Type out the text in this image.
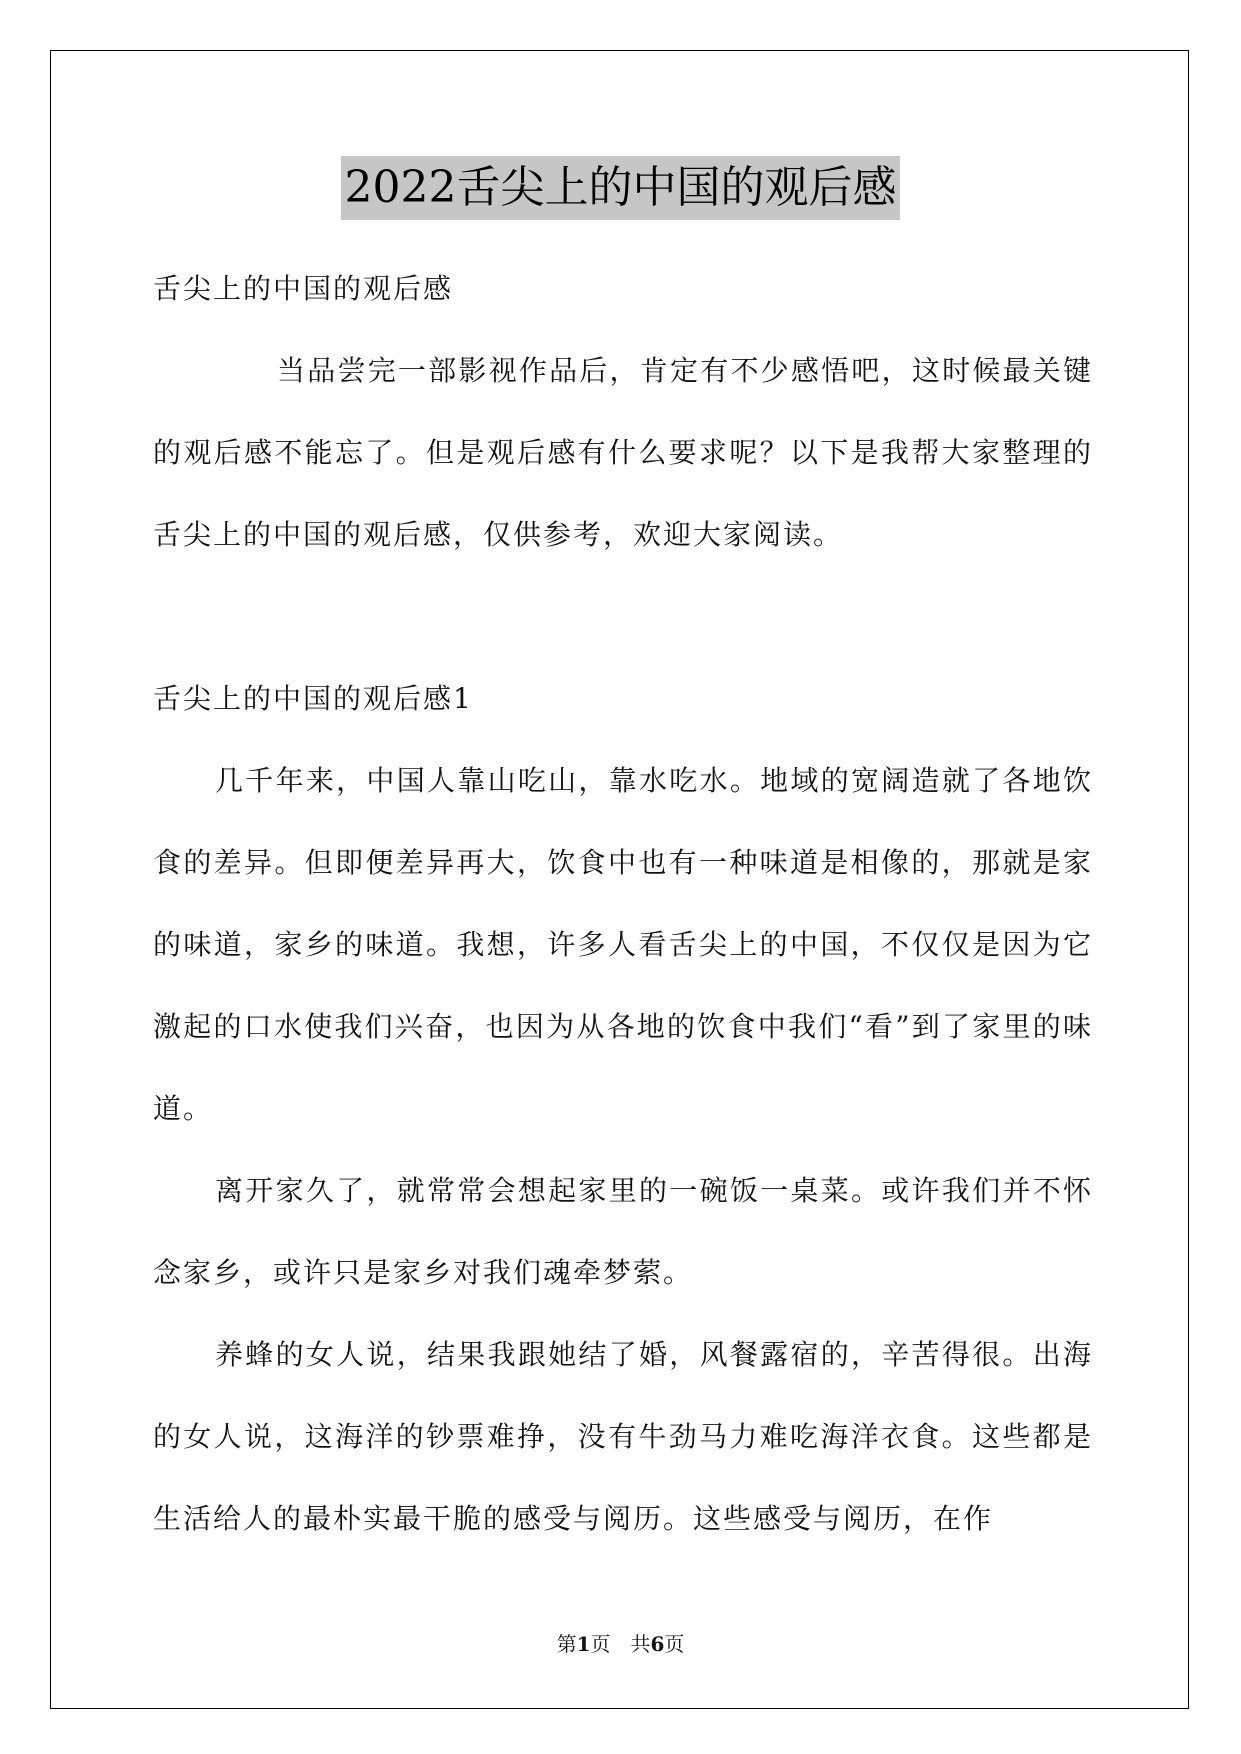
2022舌尖上的中国的观后感

舌尖上的中国的观后感

当品尝完一部影视作品后，肯定有不少感悟吧，这时候最关键的观后感不能忘了。但是观后感有什么要求呢？以下是我帮大家整理的舌尖上的中国的观后感，仅供参考，欢迎大家阅读。

舌尖上的中国的观后感1

几千年来，中国人靠山吃山，靠水吃水。地域的宽阔造就了各地饮食的差异。但即便差异再大，饮食中也有一种味道是相像的，那就是家的味道，家乡的味道。我想，许多人看舌尖上的中国，不仅仅是因为它激起的口水使我们兴奋，也因为从各地的饮食中我们“看”到了家里的味道。

离开家久了，就常常会想起家里的一碗饭一桌菜。或许我们并不怀念家乡，或许只是家乡对我们魂牵梦萦。

养蜂的女人说，结果我跟她结了婚，风餐露宿的，辛苦得很。出海的女人说，这海洋的钞票难挣，没有牛劲马力难吃海洋衣食。这些都是生活给人的最朴实最干脆的感受与阅历。这些感受与阅历，在作

第1页　共6页
